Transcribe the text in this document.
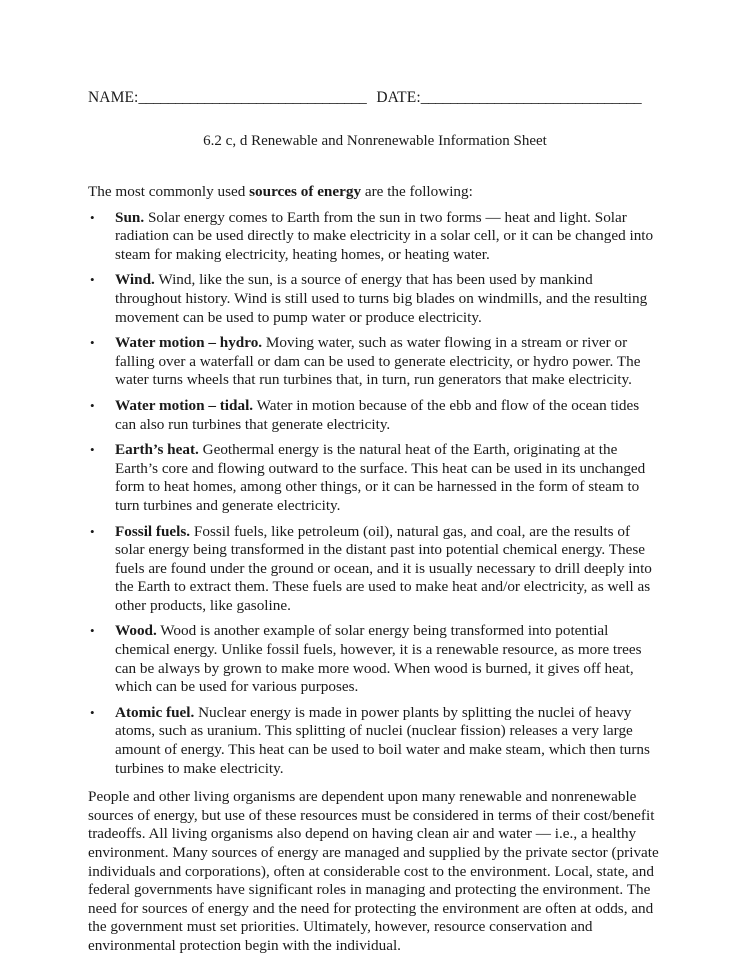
NAME:_______________________________ DATE:______________________________
6.2 c, d Renewable and Nonrenewable Information Sheet

The most commonly used sources of energy are the following:

•	Sun. Solar energy comes to Earth from the sun in two forms — heat and light. Solar radiation can be used directly to make electricity in a solar cell, or it can be changed into steam for making electricity, heating homes, or heating water.
•	Wind. Wind, like the sun, is a source of energy that has been used by mankind throughout history. Wind is still used to turns big blades on windmills, and the resulting movement can be used to pump water or produce electricity.
•	Water motion – hydro. Moving water, such as water flowing in a stream or river or falling over a waterfall or dam can be used to generate electricity, or hydro power. The water turns wheels that run turbines that, in turn, run generators that make electricity.
•	Water motion – tidal. Water in motion because of the ebb and flow of the ocean tides can also run turbines that generate electricity.
•	Earth’s heat. Geothermal energy is the natural heat of the Earth, originating at the Earth’s core and flowing outward to the surface. This heat can be used in its unchanged form to heat homes, among other things, or it can be harnessed in the form of steam to turn turbines and generate electricity.
•	Fossil fuels. Fossil fuels, like petroleum (oil), natural gas, and coal, are the results of solar energy being transformed in the distant past into potential chemical energy. These fuels are found under the ground or ocean, and it is usually necessary to drill deeply into the Earth to extract them. These fuels are used to make heat and/or electricity, as well as other products, like gasoline.
•	Wood. Wood is another example of solar energy being transformed into potential chemical energy. Unlike fossil fuels, however, it is a renewable resource, as more trees can be always by grown to make more wood. When wood is burned, it gives off heat, which can be used for various purposes.
•	Atomic fuel. Nuclear energy is made in power plants by splitting the nuclei of heavy atoms, such as uranium. This splitting of nuclei (nuclear fission) releases a very large amount of energy. This heat can be used to boil water and make steam, which then turns turbines to make electricity.

People and other living organisms are dependent upon many renewable and nonrenewable sources of energy, but use of these resources must be considered in terms of their cost/benefit tradeoffs. All living organisms also depend on having clean air and water — i.e., a healthy environment. Many sources of energy are managed and supplied by the private sector (private individuals and corporations), often at considerable cost to the environment. Local, state, and federal governments have significant roles in managing and protecting the environment. The need for sources of energy and the need for protecting the environment are often at odds, and the government must set priorities. Ultimately, however, resource conservation and environmental protection begin with the individual.
